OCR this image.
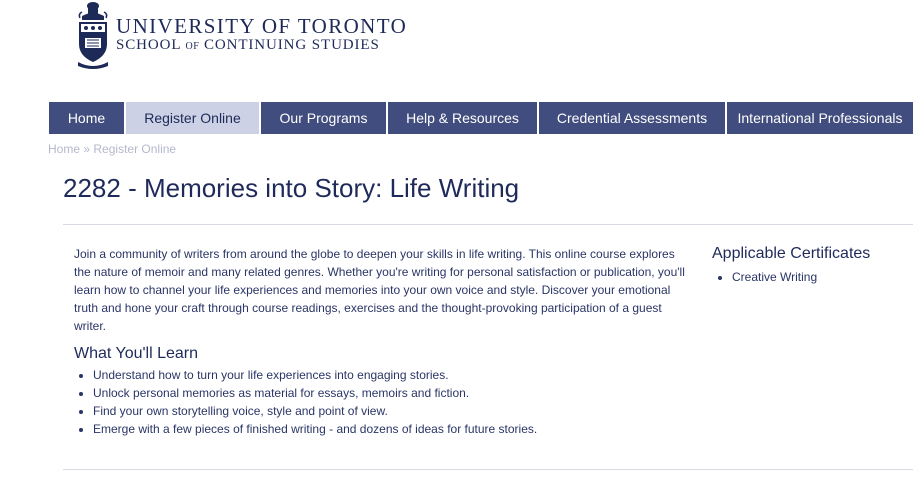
UNIVERSITY OF TORONTO
SCHOOL OF CONTINUING STUDIES
Home	Register Online	Our Programs	Help & Resources	Credential Assessments	International Professionals
Home » Register Online
2282 - Memories into Story: Life Writing

Join a community of writers from around the globe to deepen your skills in life writing. This online course explores the nature of memoir and many related genres. Whether you're writing for personal satisfaction or publication, you'll learn how to channel your life experiences and memories into your own voice and style. Discover your emotional truth and hone your craft through course readings, exercises and the thought-provoking participation of a guest writer.

What You'll Learn
• Understand how to turn your life experiences into engaging stories.
• Unlock personal memories as material for essays, memoirs and fiction.
• Find your own storytelling voice, style and point of view.
• Emerge with a few pieces of finished writing - and dozens of ideas for future stories.
Applicable Certificates
• Creative Writing
